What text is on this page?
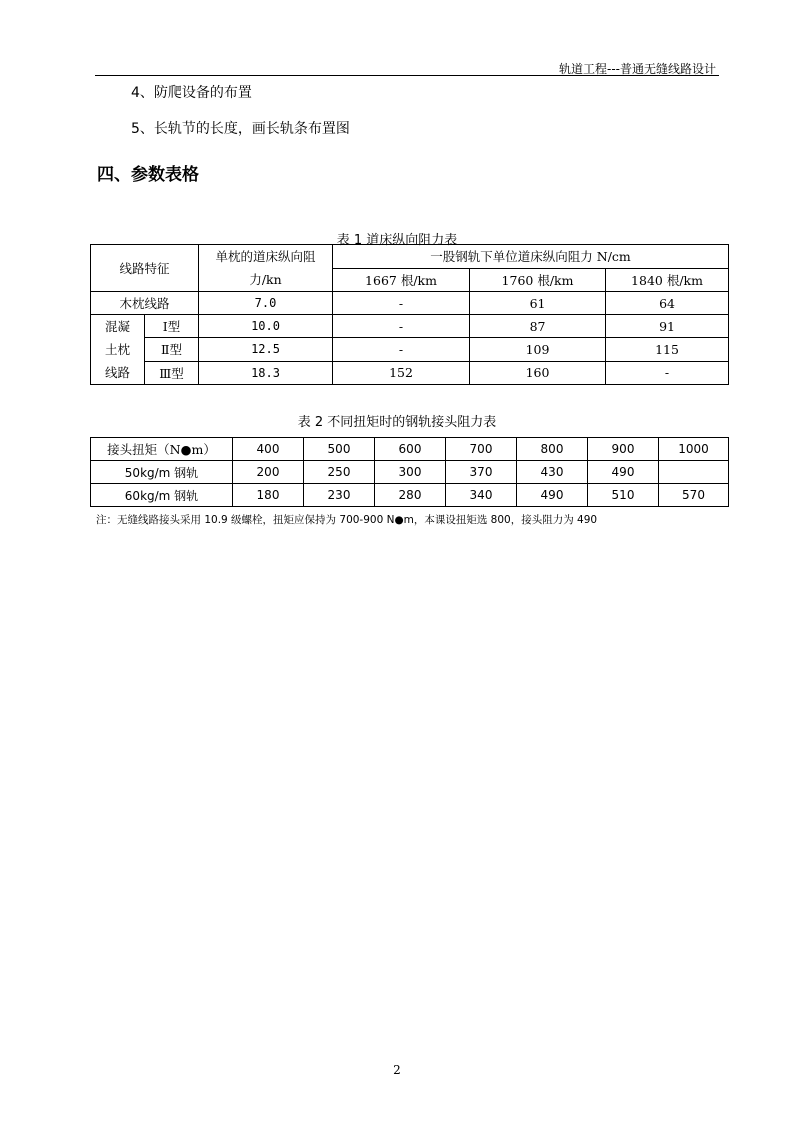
轨道工程---普通无缝线路设计
4、防爬设备的布置
5、长轨节的长度，画长轨条布置图
四、参数表格
表 1 道床纵向阻力表
线路特征		单枕的道床纵向阻力/kn	一股钢轨下单位道床纵向阻力 N/cm		
			1667 根/km	1760 根/km	1840 根/km
木枕线路		7.0	-	61	64
混凝土枕线路	Ⅰ型	10.0	-	87	91
	Ⅱ型	12.5	-	109	115
	Ⅲ型	18.3	152	160	-
表 2 不同扭矩时的钢轨接头阻力表
接头扭矩（N●m）	400	500	600	700	800	900	1000
50kg/m 钢轨	200	250	300	370	430	490	
60kg/m 钢轨	180	230	280	340	490	510	570
注：无缝线路接头采用 10.9 级螺栓，扭矩应保持为 700-900 N●m，本课设扭矩选 800，接头阻力为 490
2
